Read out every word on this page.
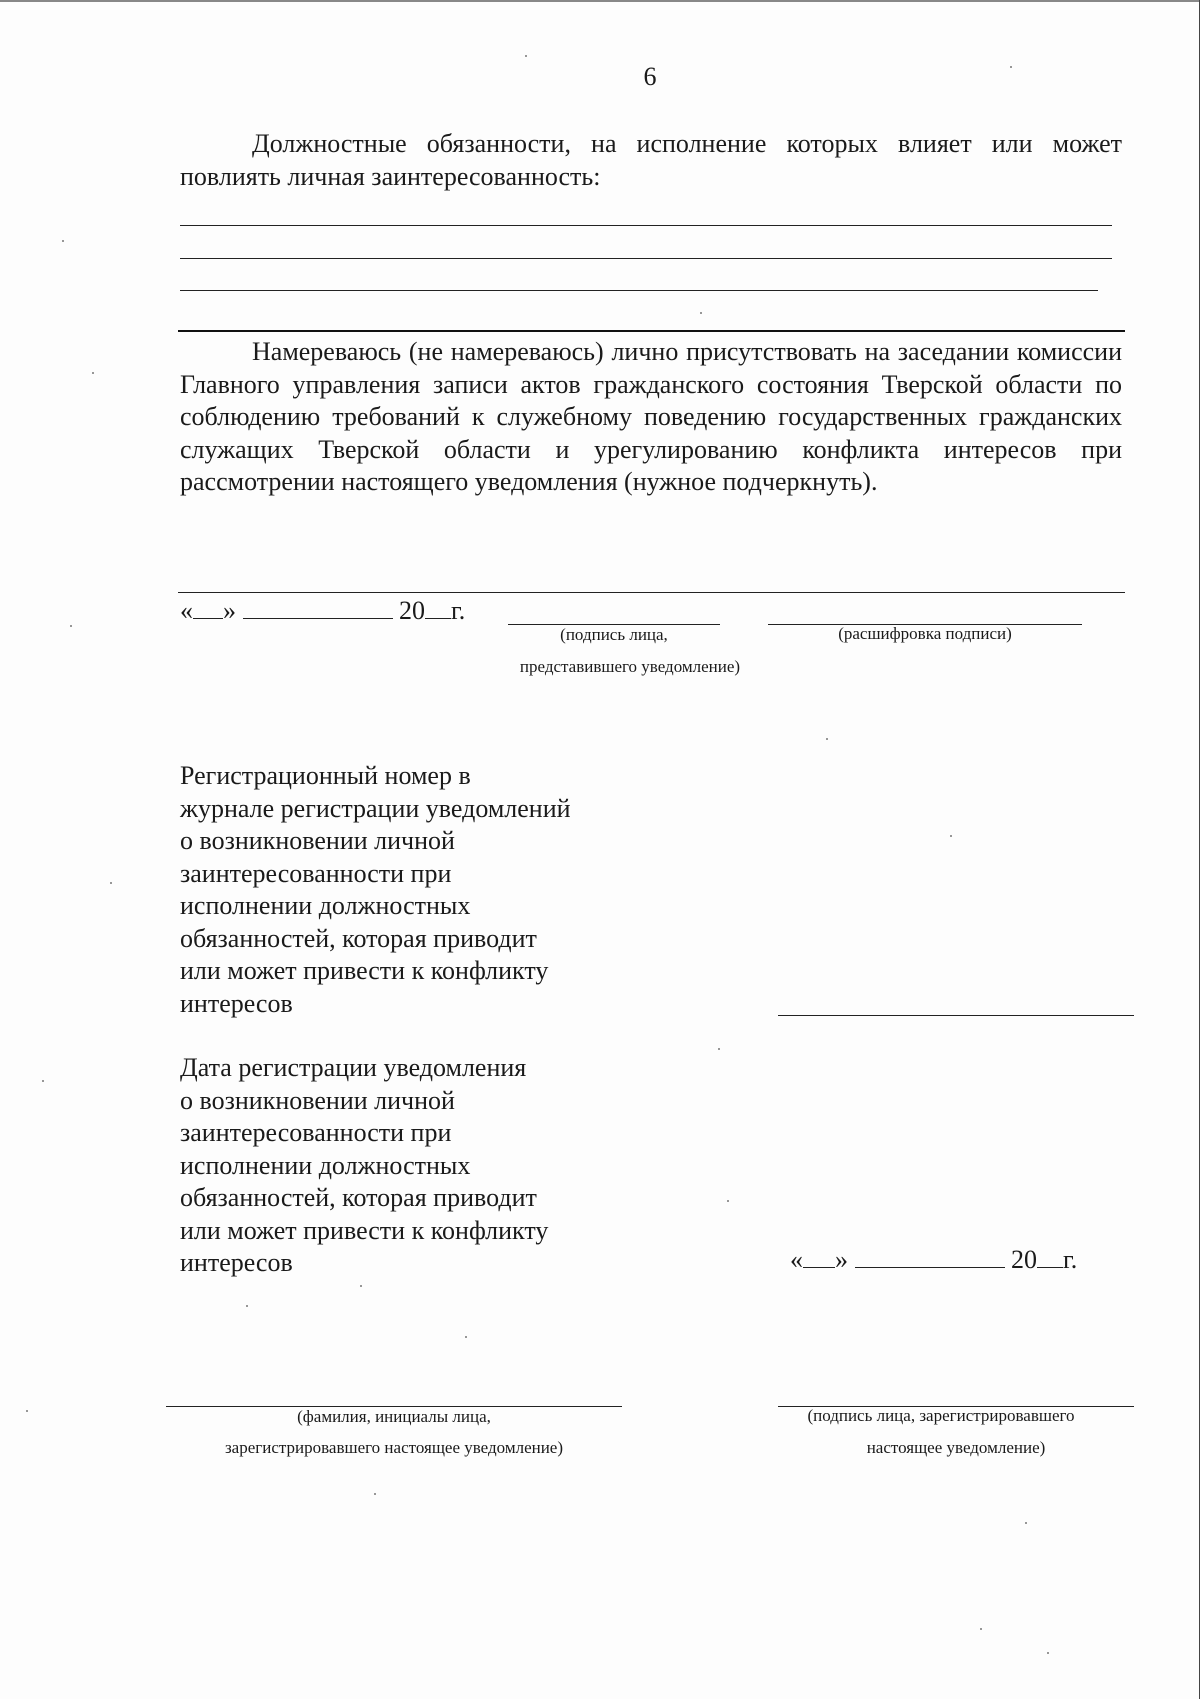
6
Должностные обязанности, на исполнение которых влияет или может повлиять личная заинтересованность:
Намереваюсь (не намереваюсь) лично присутствовать на заседании комиссии Главного управления записи актов гражданского состояния Тверской области по соблюдению требований к служебному поведению государственных гражданских служащих Тверской области и урегулированию конфликта интересов при рассмотрении настоящего уведомления (нужное подчеркнуть).
« »	20 г.
(подпись лица,
представившего уведомление)
(расшифровка подписи)
Регистрационный номер в
журнале регистрации уведомлений
о возникновении личной
заинтересованности при
исполнении должностных
обязанностей, которая приводит
или может привести к конфликту
интересов
Дата регистрации уведомления
о возникновении личной
заинтересованности при
исполнении должностных
обязанностей, которая приводит
или может привести к конфликту
интересов	« »	20 г.
(фамилия, инициалы лица,
зарегистрировавшего настоящее уведомление)
(подпись лица, зарегистрировавшего
настоящее уведомление)
